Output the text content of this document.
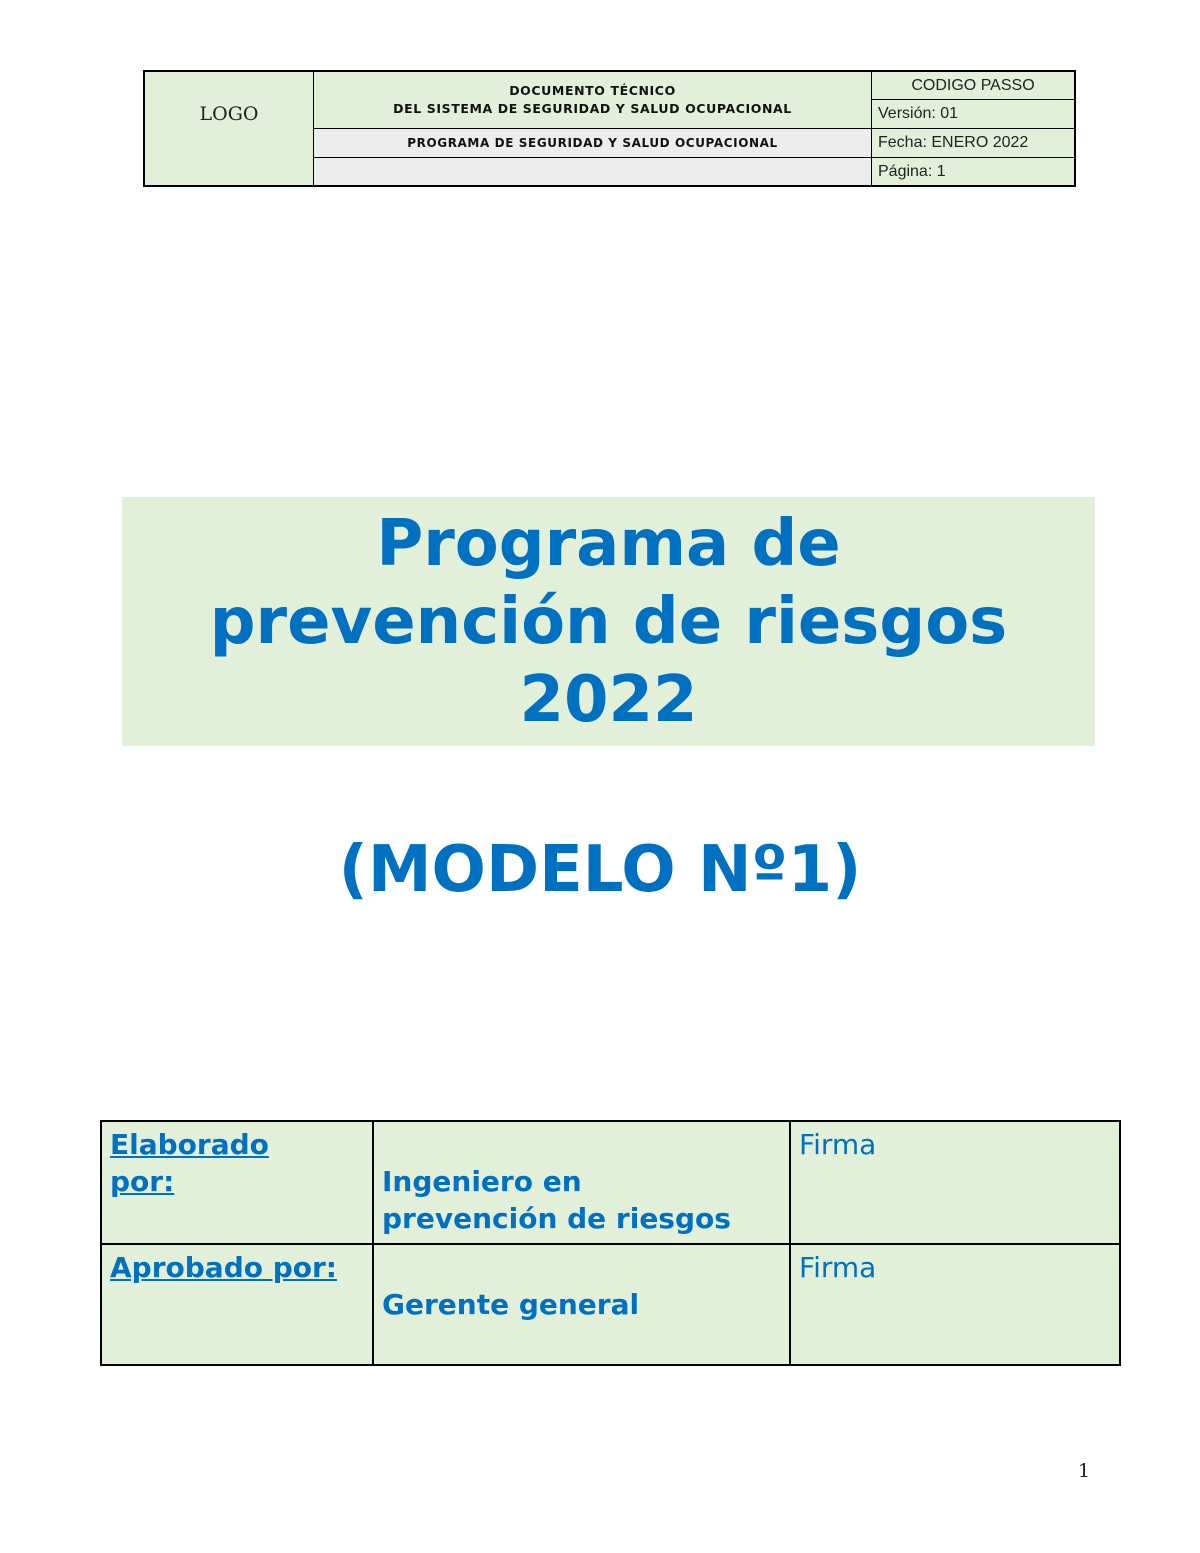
LOGO
DOCUMENTO TÉCNICO
DEL SISTEMA DE SEGURIDAD Y SALUD OCUPACIONAL
PROGRAMA DE SEGURIDAD Y SALUD OCUPACIONAL
CODIGO PASSO
Versión: 01
Fecha: ENERO 2022
Página: 1
Programa de
prevención de riesgos
2022
(MODELO Nº1)
Elaborado
por:	Ingeniero en
prevención de riesgos
Firma
Aprobado por:
Gerente general
Firma
1
